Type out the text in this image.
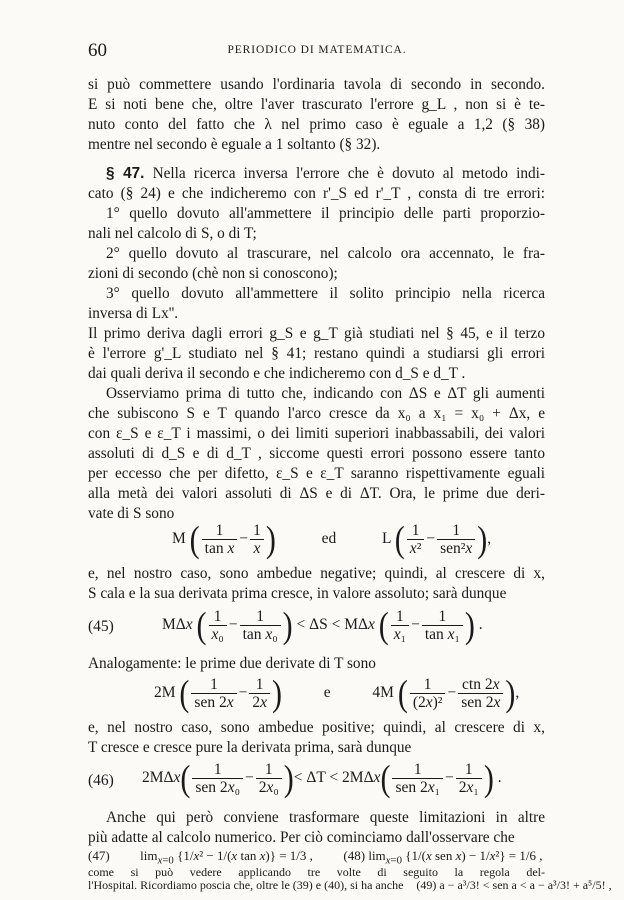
60	PERIODICO DI MATEMATICA.
si può commettere usando l'ordinaria tavola di secondo in secondo.
E si noti bene che, oltre l'aver trascurato l'errore g_L , non si è te-
nuto conto del fatto che λ nel primo caso è eguale a 1,2 (§ 38)
mentre nel secondo è eguale a 1 soltanto (§ 32).
§ 47. Nella ricerca inversa l'errore che è dovuto al metodo indi-
cato (§ 24) e che indicheremo con r'_S ed r'_T , consta di tre errori:
1° quello dovuto all'ammettere il principio delle parti proporzio-
nali nel calcolo di S, o di T;
2° quello dovuto al trascurare, nel calcolo ora accennato, le fra-
zioni di secondo (chè non si conoscono);
3° quello dovuto all'ammettere il solito principio nella ricerca
inversa di Lx''.
Il primo deriva dagli errori g_S e g_T già studiati nel § 45, e il terzo
è l'errore g'_L studiato nel § 41; restano quindi a studiarsi gli errori
dai quali deriva il secondo e che indicheremo con d_S e d_T .
Osserviamo prima di tutto che, indicando con ΔS e ΔT gli aumenti
che subiscono S e T quando l'arco cresce da x₀ a x₁ = x₀ + Δx, e
con ε_S e ε_T i massimi, o dei limiti superiori inabbassabili, dei valori
assoluti di d_S e di d_T , siccome questi errori possono essere tanto
per eccesso che per difetto, ε_S e ε_T saranno rispettivamente eguali
alla metà dei valori assoluti di ΔS e di ΔT. Ora, le prime due deri-
vate di S sono
M ( $\frac{1}{\text{tan x}} - \frac{1}{x}$ )	ed	L ( $\frac{1}{\text{x²}} - \frac{1}{\text{sen²x}}$ ),
e, nel nostro caso, sono ambedue negative; quindi, al crescere di x,
S cala e la sua derivata prima cresce, in valore assoluto; sarà dunque
(45)	MΔx ( $\frac{1}{\text{x₀}} - \frac{1}{\text{tan x₀}}$ ) < ΔS < MΔx ( $\frac{1}{\text{x₁}} - \frac{1}{\text{tan x₁}}$ ) .
Analogamente: le prime due derivate di T sono
2M ( $\frac{1}{\text{sen 2x}} - \frac{1}{2x}$ )	e	4M ( $\frac{1}{\text{(2x)²}} - \frac{\text{ctn 2x}}{\text{sen 2x}}$ ),
e, nel nostro caso, sono ambedue positive; quindi, al crescere di x,
T cresce e cresce pure la derivata prima, sarà dunque
(46) $2M\Delta x( \frac{1}{\text{sen 2x₀}} - \frac{1}{\text{2x₀}}$ )< $\Delta T < 2M\Delta x( \frac{1}{\text{sen 2x₁}} - \frac{1}{\text{2x₁}}$ ) .
Anche qui però conviene trasformare queste limitazioni in altre
più adatte al calcolo numerico. Per ciò cominciamo dall'osservare che
(47)  $\lim_{x=0} \{1/x^2 - 1/(x$ tan x)} = 1/3 ,  (48) $\lim_{x=0} \{1/(x$ sen x) − 1/x²} = 1/6 ,
come si può vedere applicando tre volte di seguito la regola del-
l'Hospital. Ricordiamo poscia che, oltre le (39) e (40), si ha anche (49) a − a³/3! < sen a < a − a³/3! + a⁵/5! ,
